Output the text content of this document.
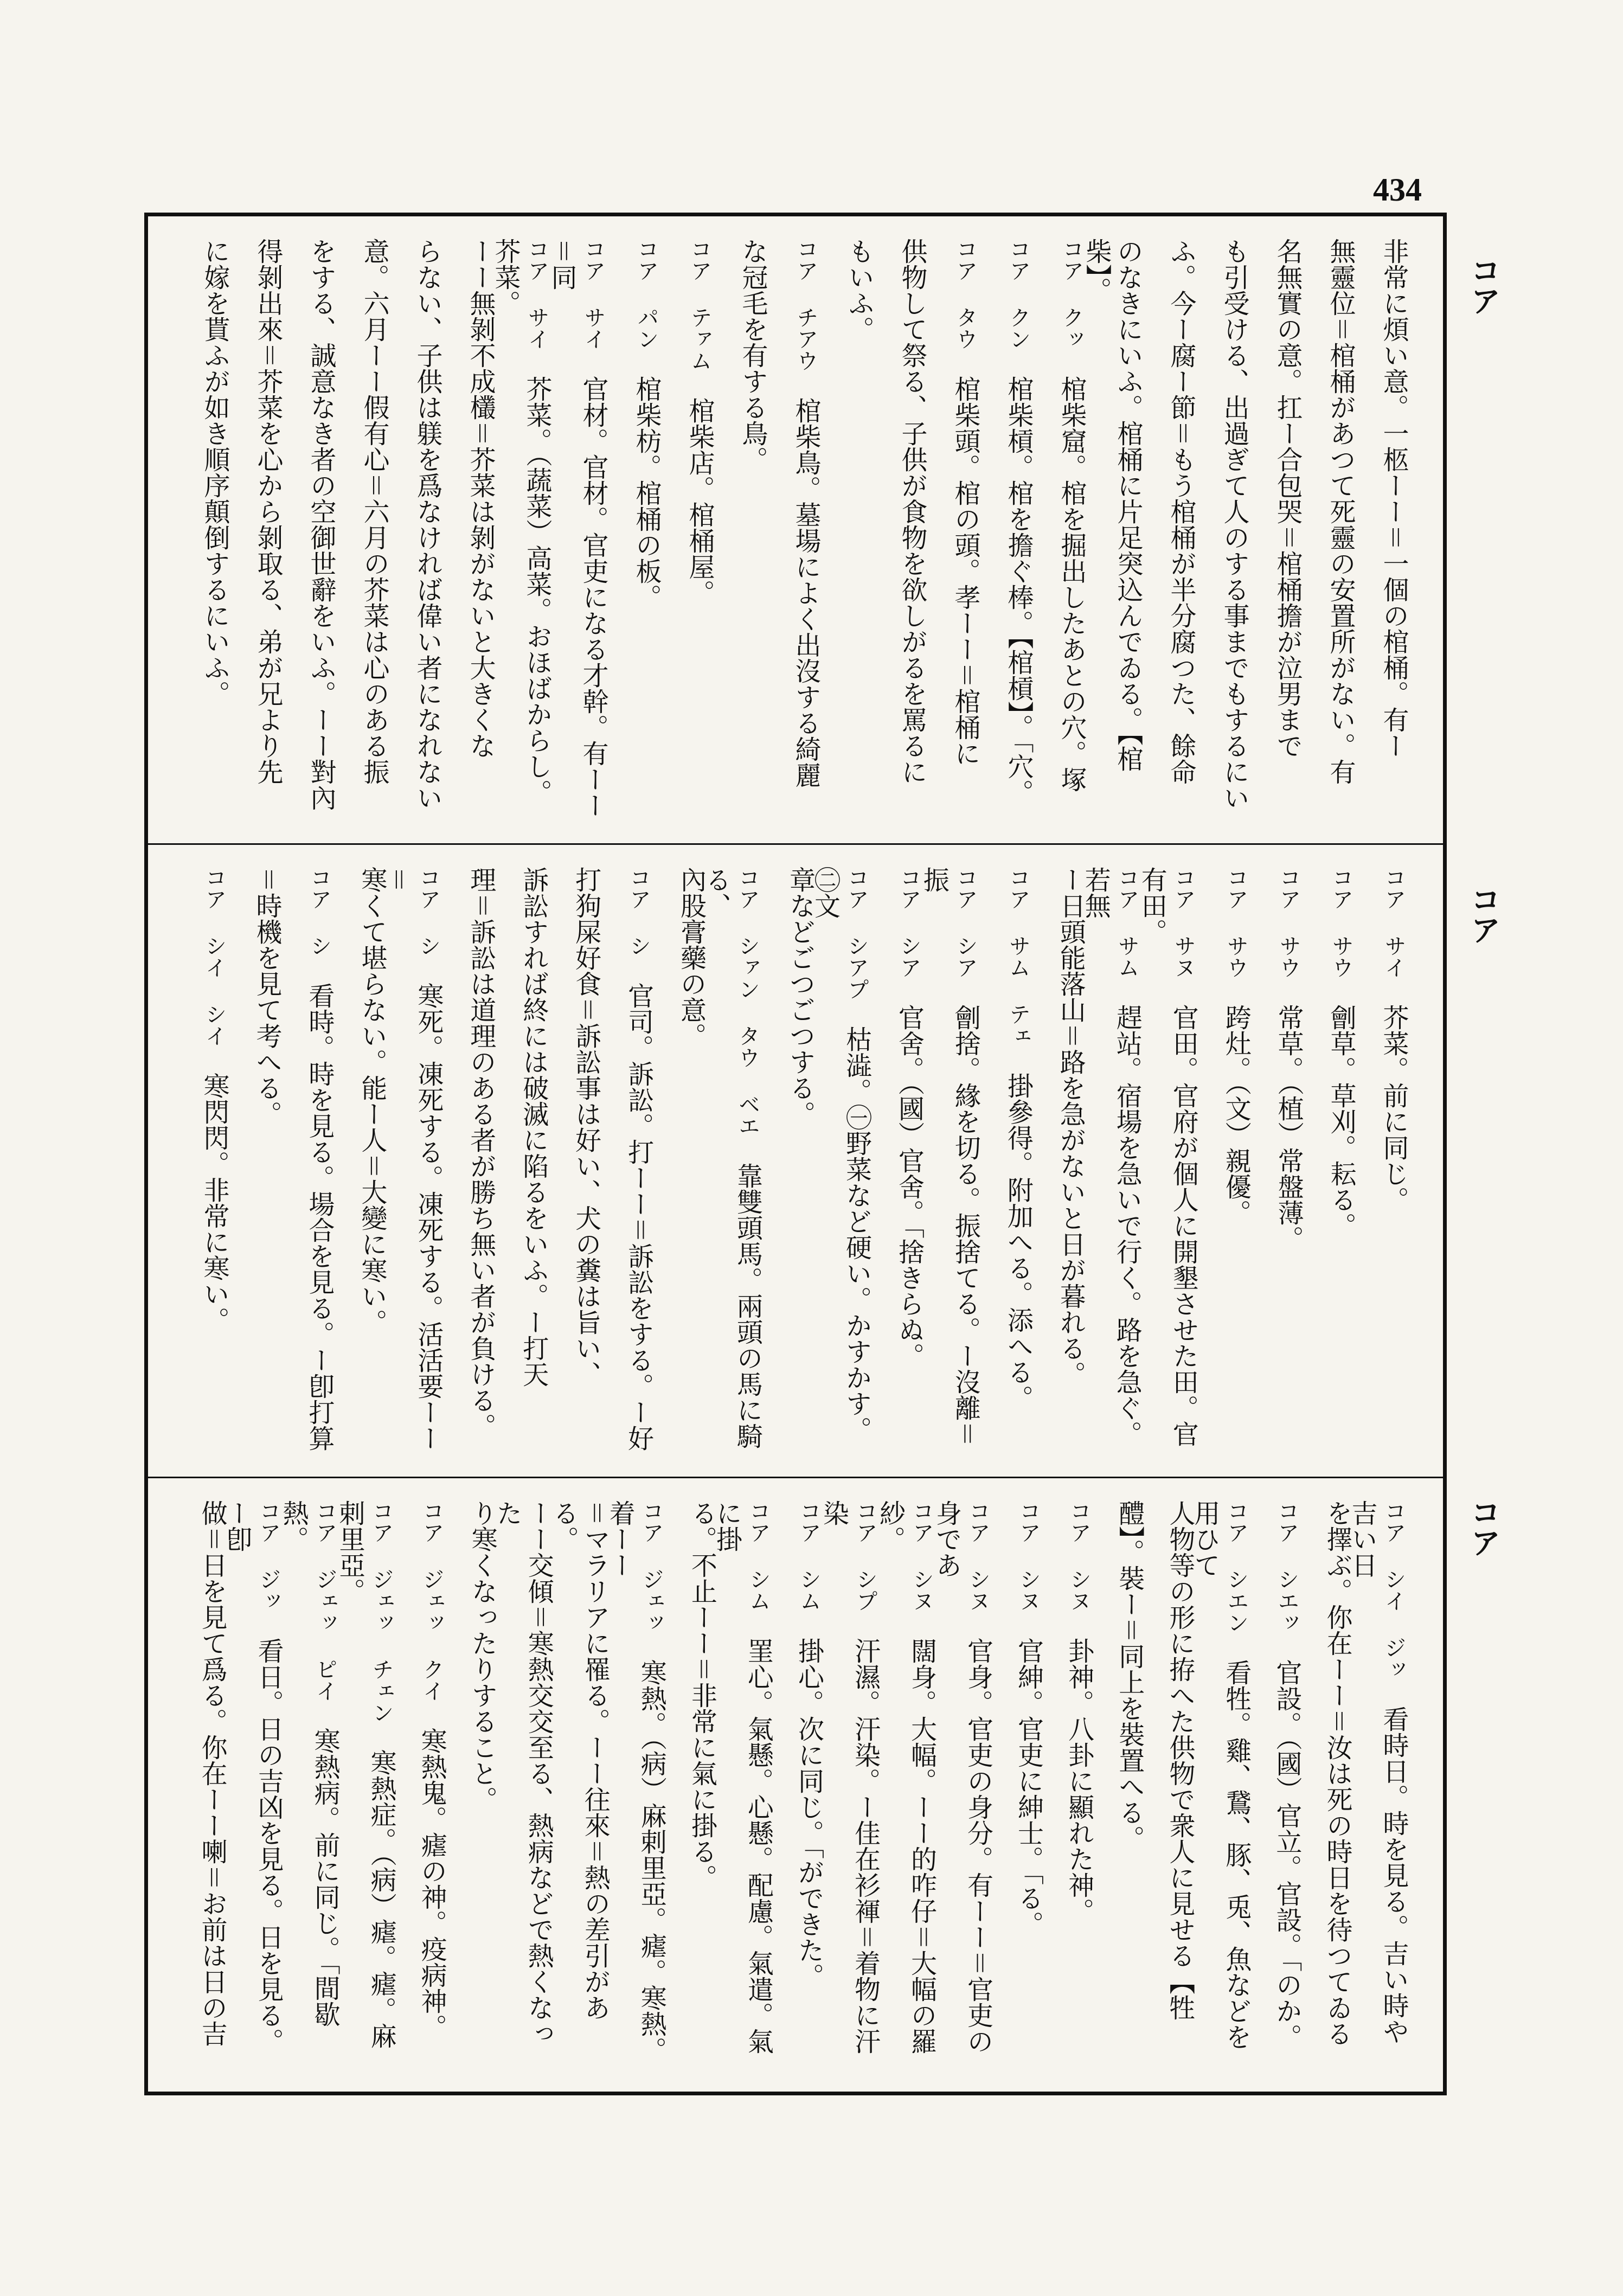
434
コア
コア
コア
非常に煩い意。一柩ーー＝一個の棺桶。有ー
無靈位＝棺桶があつて死靈の安置所がない。有
名無實の意。扛ー合包哭＝棺桶擔が泣男まで
も引受ける、出過ぎて人のする事までもするにい
ふ。今ー腐ー節＝もう棺桶が半分腐つた、餘命
のなきにいふ。棺桶に片足突込んでゐる。【棺柴】。
コア クッ　棺柴窟。棺を掘出したあとの穴。塚
コア クン　棺柴槓。棺を擔ぐ棒。【棺槓】。「穴。
コア タウ　棺柴頭。棺の頭。孝ーー＝棺桶に
供物して祭る、子供が食物を欲しがるを罵るに
もいふ。
コア チアウ　棺柴鳥。墓場によく出沒する綺麗
な冠毛を有する鳥。
コア テァム　棺柴店。棺桶屋。
コア パン　棺柴枋。棺桶の板。
コア サイ　官材。官材。官吏になる才幹。有ーー＝同
コア サイ　芥菜。（蔬菜）高菜。おほばからし。芥菜。
ーー無剝不成欉＝芥菜は剝がないと大きくな
らない、子供は躾を爲なければ偉い者になれない
意。六月ーー假有心＝六月の芥菜は心のある振
をする、誠意なき者の空御世辭をいふ。ーー對內
得剝出來＝芥菜を心から剝取る、弟が兄より先
に嫁を貰ふが如き順序顛倒するにいふ。
コア サイ　芥菜。前に同じ。
コア サウ　劊草。草刈。耘る。
コア サウ　常草。（植）常盤薄。
コア サウ　跨灶。（文）親優。
コア サヌ　官田。官府が個人に開墾させた田。官有田。
コア サム　趕站。宿場を急いで行く。路を急ぐ。若無
ー日頭能落山＝路を急がないと日が暮れる。
コア サム テェ　掛參得。附加へる。添へる。
コア シア　劊捨。緣を切る。振捨てる。ー沒離＝振
コア シア　官舍。（國）官舍。「捨きらぬ。
コア シアプ　枯澁。㊀野菜など硬い。かすかす。㊁文
章などごつごつする。
コア シァン タウ ベエ　靠雙頭馬。兩頭の馬に騎る、
內股膏藥の意。
コア シ　官司。訴訟。打ーー＝訴訟をする。ー好
打狗屎好食＝訴訟事は好い、犬の糞は旨い、
訴訟すれば終には破滅に陷るをいふ。ー打天
理＝訴訟は道理のある者が勝ち無い者が負ける。
コア シ　寒死。凍死する。凍死する。活活要ーー＝
寒くて堪らない。能ー人＝大變に寒い。
コア シ　看時。時を見る。場合を見る。ー卽打算
＝時機を見て考へる。
コア シイ シイ　寒閃閃。非常に寒い。
コア シイ ジッ　看時日。時を見る。吉い時や吉い日
を擇ぶ。你在ーー＝汝は死の時日を待つてゐる
コア シエッ　官設。（國）官立。官設。「のか。
コア シエン　看牲。雞、鵞、豚、兎、魚などを用ひて
人物等の形に拵へた供物で衆人に見せる【牲
醴】。裝ー＝同上を裝置へる。
コア シヌ　卦神。八卦に顯れた神。
コア シヌ　官紳。官吏に紳士。「る。
コア シヌ　官身。官吏の身分。有ーー＝官吏の身であ
コア シヌ　闊身。大幅。ーー的咋仔＝大幅の羅紗。
コア シプ　汗濕。汗染。ー佳在衫褌＝着物に汗染
コア シム　掛心。次に同じ。「ができた。
コア シム　罣心。氣懸。心懸。配慮。氣遣。氣に掛
る。不止ーー＝非常に氣に掛る。
コア ジェッ　寒熱。（病）麻剌里亞。瘧。寒熱。着ーー
＝マラリアに罹る。ーー往來＝熱の差引がある。
ーー交傾＝寒熱交交至る、熱病などで熱くなった
り寒くなったりすること。
コア ジェッ クイ　寒熱鬼。瘧の神。疫病神。
コア ジェッ チェン　寒熱症。（病）瘧。瘧。麻剌里亞。
コア ジェッ ピイ　寒熱病。前に同じ。「間歇熱。
コア ジッ　看日。日の吉凶を見る。日を見る。ー卽
做＝日を見て爲る。你在ーー喇＝お前は日の吉
